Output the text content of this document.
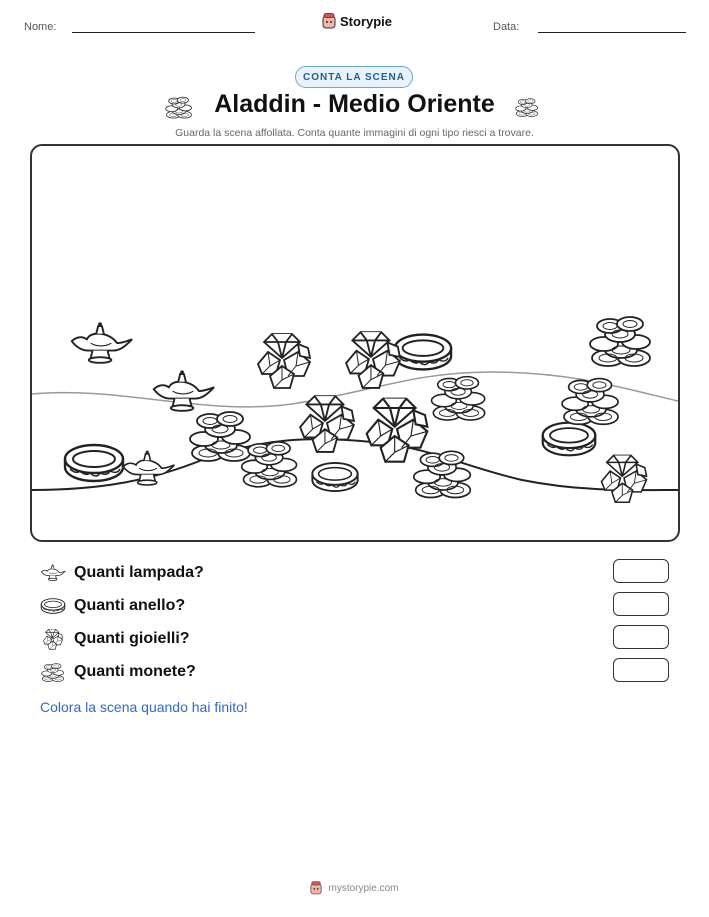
Nome:	Storypie	Data:
CONTA LA SCENA
Aladdin - Medio Oriente
Guarda la scena affollata. Conta quante immagini di ogni tipo riesci a trovare.
Quanti lampada?
Quanti anello?
Quanti gioielli?
Quanti monete?
Colora la scena quando hai finito!
mystorypie.com
